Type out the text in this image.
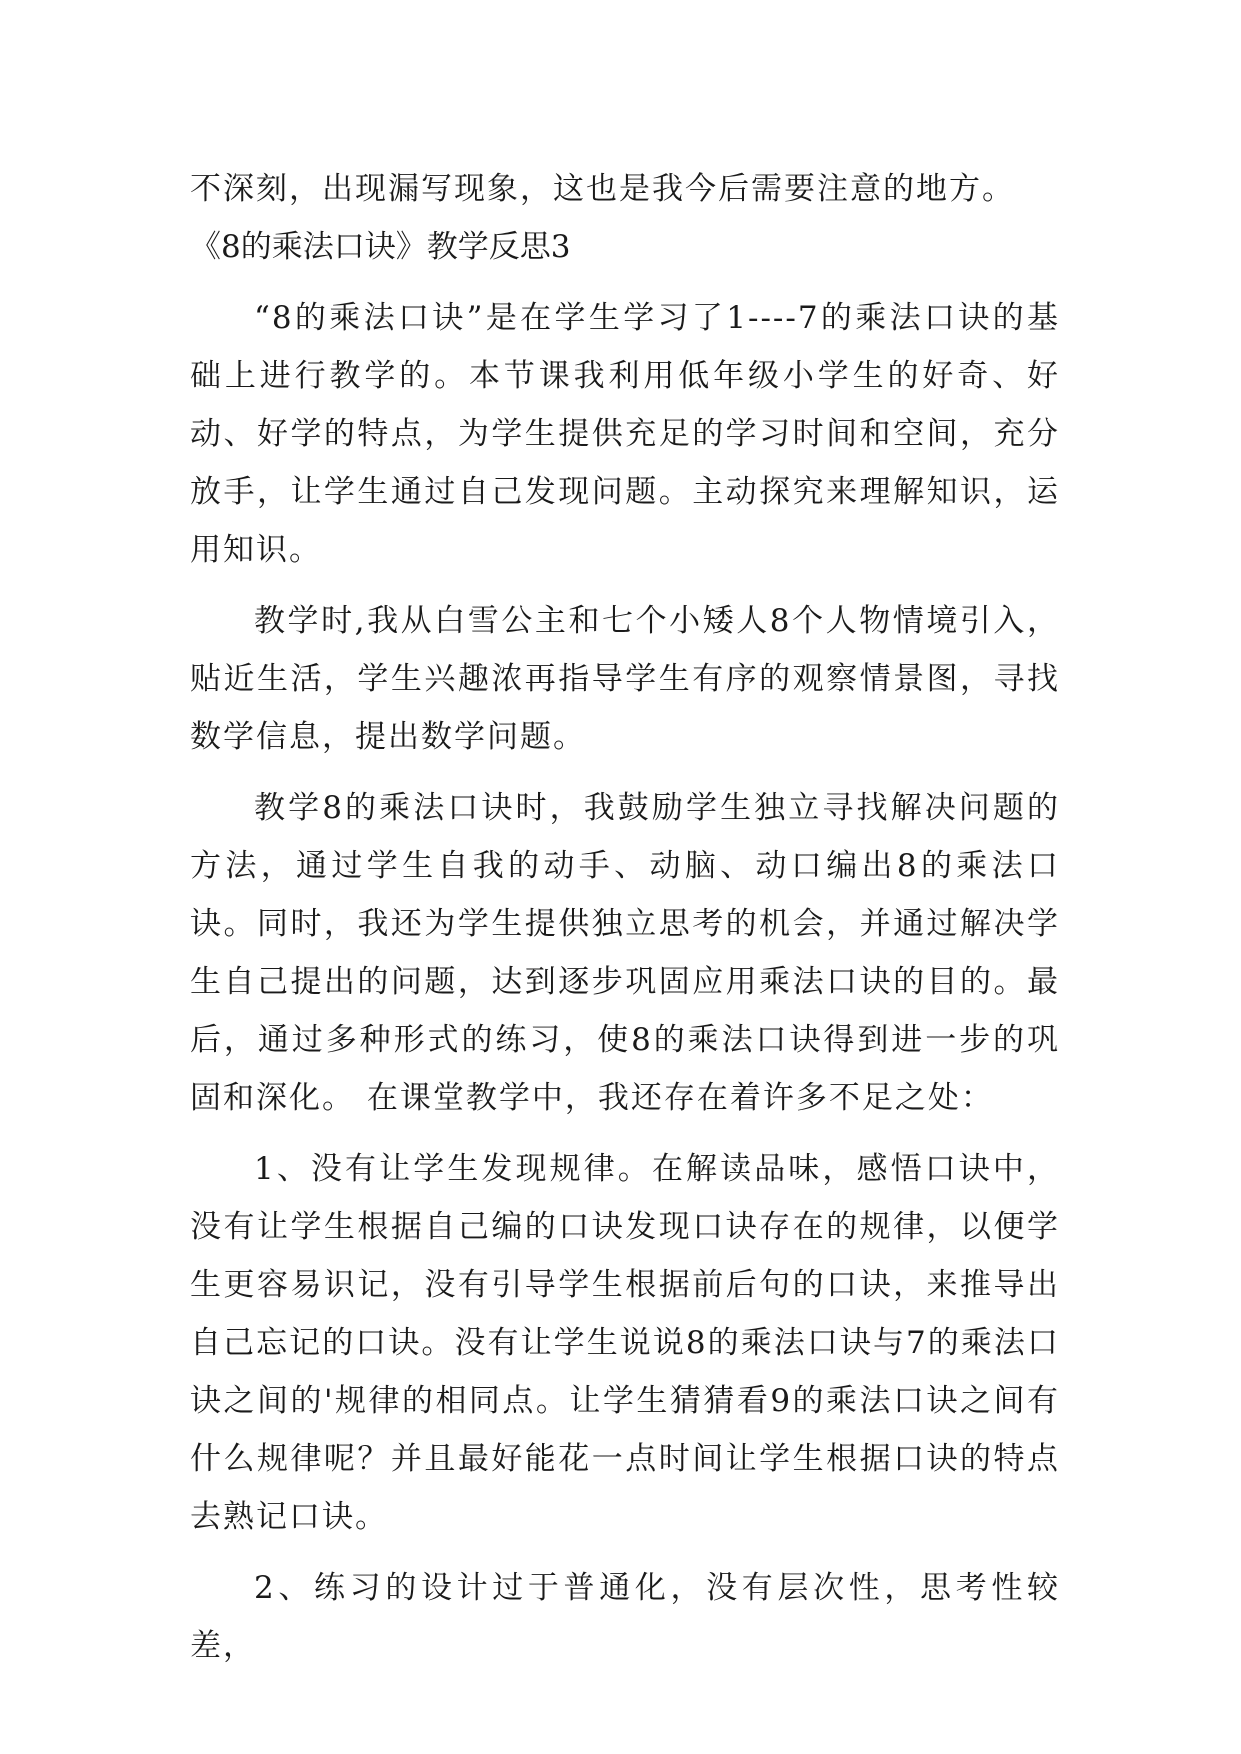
不深刻，出现漏写现象，这也是我今后需要注意的地方。

《8的乘法口诀》教学反思3

“8的乘法口诀”是在学生学习了1----7的乘法口诀的基础上进行教学的。本节课我利用低年级小学生的好奇、好动、好学的特点，为学生提供充足的学习时间和空间，充分放手，让学生通过自己发现问题。主动探究来理解知识，运用知识。

教学时,我从白雪公主和七个小矮人8个人物情境引入，贴近生活，学生兴趣浓再指导学生有序的观察情景图，寻找数学信息，提出数学问题。

教学8的乘法口诀时，我鼓励学生独立寻找解决问题的方法，通过学生自我的动手、动脑、动口编出8的乘法口诀。同时，我还为学生提供独立思考的机会，并通过解决学生自己提出的问题，达到逐步巩固应用乘法口诀的目的。最后，通过多种形式的练习，使8的乘法口诀得到进一步的巩固和深化。 在课堂教学中，我还存在着许多不足之处：

1、没有让学生发现规律。在解读品味，感悟口诀中，没有让学生根据自己编的口诀发现口诀存在的规律，以便学生更容易识记，没有引导学生根据前后句的口诀，来推导出自己忘记的口诀。没有让学生说说8的乘法口诀与7的乘法口诀之间的'规律的相同点。让学生猜猜看9的乘法口诀之间有什么规律呢？并且最好能花一点时间让学生根据口诀的特点去熟记口诀。

2、练习的设计过于普通化，没有层次性，思考性较差，
